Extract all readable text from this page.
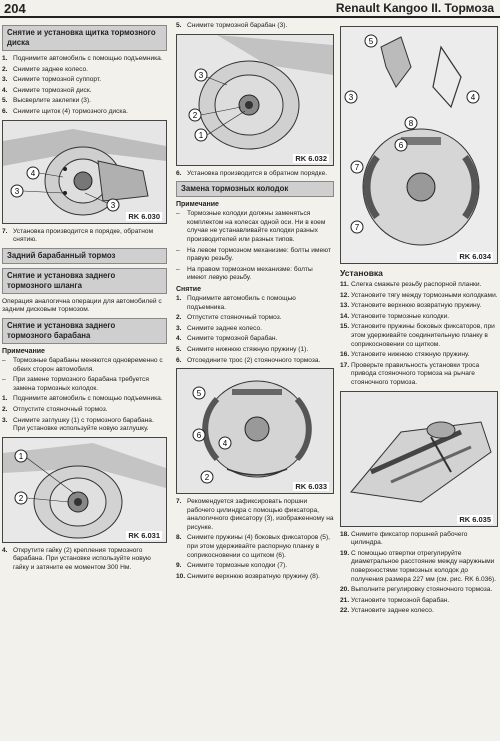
204	Renault Kangoo II. Тормоза
Снятие и установка щитка тормозного диска
1. Поднимите автомобиль с помощью подъемника.
2. Снимите заднее колесо.
3. Снимите тормозной суппорт.
4. Снимите тормозной диск.
5. Высверлите заклепки (3).
6. Снимите щиток (4) тормозного диска.
3
4
3
RK 6.030
7. Установка производится в порядке, обратном снятию.
Задний барабанный тормоз
Снятие и установка заднего тормозного шланга
Операция аналогична операции для автомобилей с задним дисковым тормозом.
Снятие и установка заднего тормозного барабана
Примечание
–	Тормозные барабаны меняются одновременно с обеих сторон автомобиля.
–	При замене тормозного барабана требуется замена тормозных колодок.
1. Поднимите автомобиль с помощью подъемника.
2. Отпустите стояночный тормоз.
3. Снимите заглушку (1) с тормозного барабана. При установке используйте новую заглушку.
1
2
RK 6.031
4. Открутите гайку (2) крепления тормозного барабана. При установке используйте новую гайку и затяните ее моментом 300 Нм.
5. Снимите тормозной барабан (3).
3
2
1
RK 6.032
6. Установка производится в обратном порядке.
Замена тормозных колодок
Примечание
–	Тормозные колодки должны заменяться комплектом на колесах одной оси. Ни в коем случае не устанавливайте колодки разных производителей или разных типов.
–	На левом тормозном механизме: болты имеют правую резьбу.
–	На правом тормозном механизме: болты имеют левую резьбу.
Снятие
1. Поднимите автомобиль с помощью подъемника.
2. Отпустите стояночный тормоз.
3. Снимите заднее колесо.
4. Снимите тормозной барабан.
5. Снимите нижнюю стяжную пружину (1).
6. Отсоедините трос (2) стояночного тормоза.
5
6
4
2
RK 6.033
7. Рекомендуется зафиксировать поршни рабочего цилиндра с помощью фиксатора, аналогичного фиксатору (3), изображенному на рисунке.
8. Снимите пружины (4) боковых фиксаторов (5), при этом удерживайте распорную планку в соприкосновении со щитком (6).
9. Снимите тормозные колодки (7).
10. Снимите верхнюю возвратную пружину (8).
3
5
4
8
6
7
7
RK 6.034
Установка
11. Слегка смажьте резьбу распорной планки.
12. Установите тягу между тормозными колодками.
13. Установите верхнюю возвратную пружину.
14. Установите тормозные колодки.
15. Установите пружины боковых фиксаторов, при этом удерживайте соединительную планку в соприкосновении со щитком.
16. Установите нижнюю стяжную пружину.
17. Проверьте правильность установки троса привода стояночного тормоза на рычаге стояночного тормоза.
RK 6.035
18. Снимите фиксатор поршней рабочего цилиндра.
19. С помощью отвертки отрегулируйте диаметральное расстояние между наружными поверхностями тормозных колодок до получения размера 227 мм (см. рис. RK 6.036).
20. Выполните регулировку стояночного тормоза.
21. Установите тормозной барабан.
22. Установите заднее колесо.
